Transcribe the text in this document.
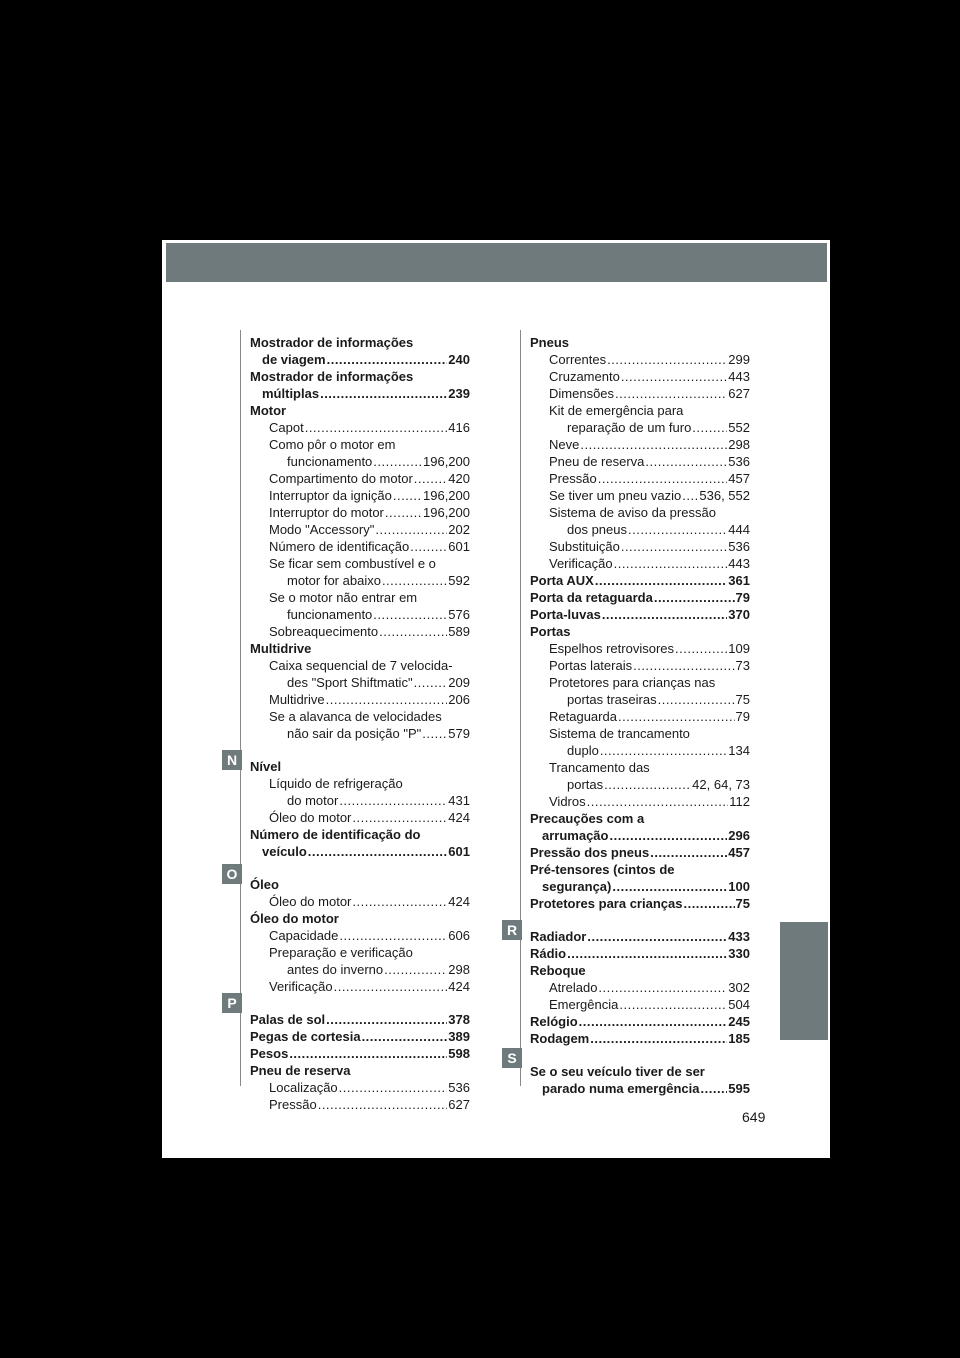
N
O
P
R
S
Mostrador de informações
de viagem .....	240
Mostrador de informações
múltiplas .....	239
Motor
Capot .....	416
Como pôr o motor em
funcionamento .....	196,200
Compartimento do motor .....	420
Interruptor da ignição ..... 196,200
Interruptor do motor .....	196,200
Modo "Accessory" .....	202
Número de identificação .....	601
Se ficar sem combustível e o
motor for abaixo .....	592
Se o motor não entrar em
funcionamento .....	576
Sobreaquecimento .....	589
Multidrive
Caixa sequencial de 7 velocida-
des "Sport Shiftmatic" .....	209
Multidrive .....	206
Se a alavanca de velocidades
não sair da posição "P" ..... 579
Nível
Líquido de refrigeração
do motor .....	431
Óleo do motor .....	424
Número de identificação do
veículo .....	601
Óleo
Óleo do motor .....	424
Óleo do motor
Capacidade .....	606
Preparação e verificação
antes do inverno .....	298
Verificação .....	424
Palas de sol .....	378
Pegas de cortesia .....	389
Pesos .....	598
Pneu de reserva
Localização .....	536
Pressão .....	627
Pneus
Correntes .....	299
Cruzamento .....	443
Dimensões .....	627
Kit de emergência para
reparação de um furo .....	552
Neve .....	298
Pneu de reserva .....	536
Pressão .....	457
Se tiver um pneu vazio ..... 536, 552
Sistema de aviso da pressão
dos pneus .....	444
Substituição .....	536
Verificação .....	443
Porta AUX .....	361
Porta da retaguarda .....	79
Porta-luvas .....	370
Portas
Espelhos retrovisores .....	109
Portas laterais .....	73
Protetores para crianças nas
portas traseiras .....	75
Retaguarda .....	79
Sistema de trancamento
duplo .....	134
Trancamento das
portas .....	42, 64, 73
Vidros .....	112
Precauções com a
arrumação .....	296
Pressão dos pneus .....	457
Pré-tensores (cintos de
segurança) .....	100
Protetores para crianças .....	75
Radiador .....	433
Rádio .....	330
Reboque
Atrelado .....	302
Emergência .....	504
Relógio .....	245
Rodagem .....	185
Se o seu veículo tiver de ser
parado numa emergência ..... 595
649
